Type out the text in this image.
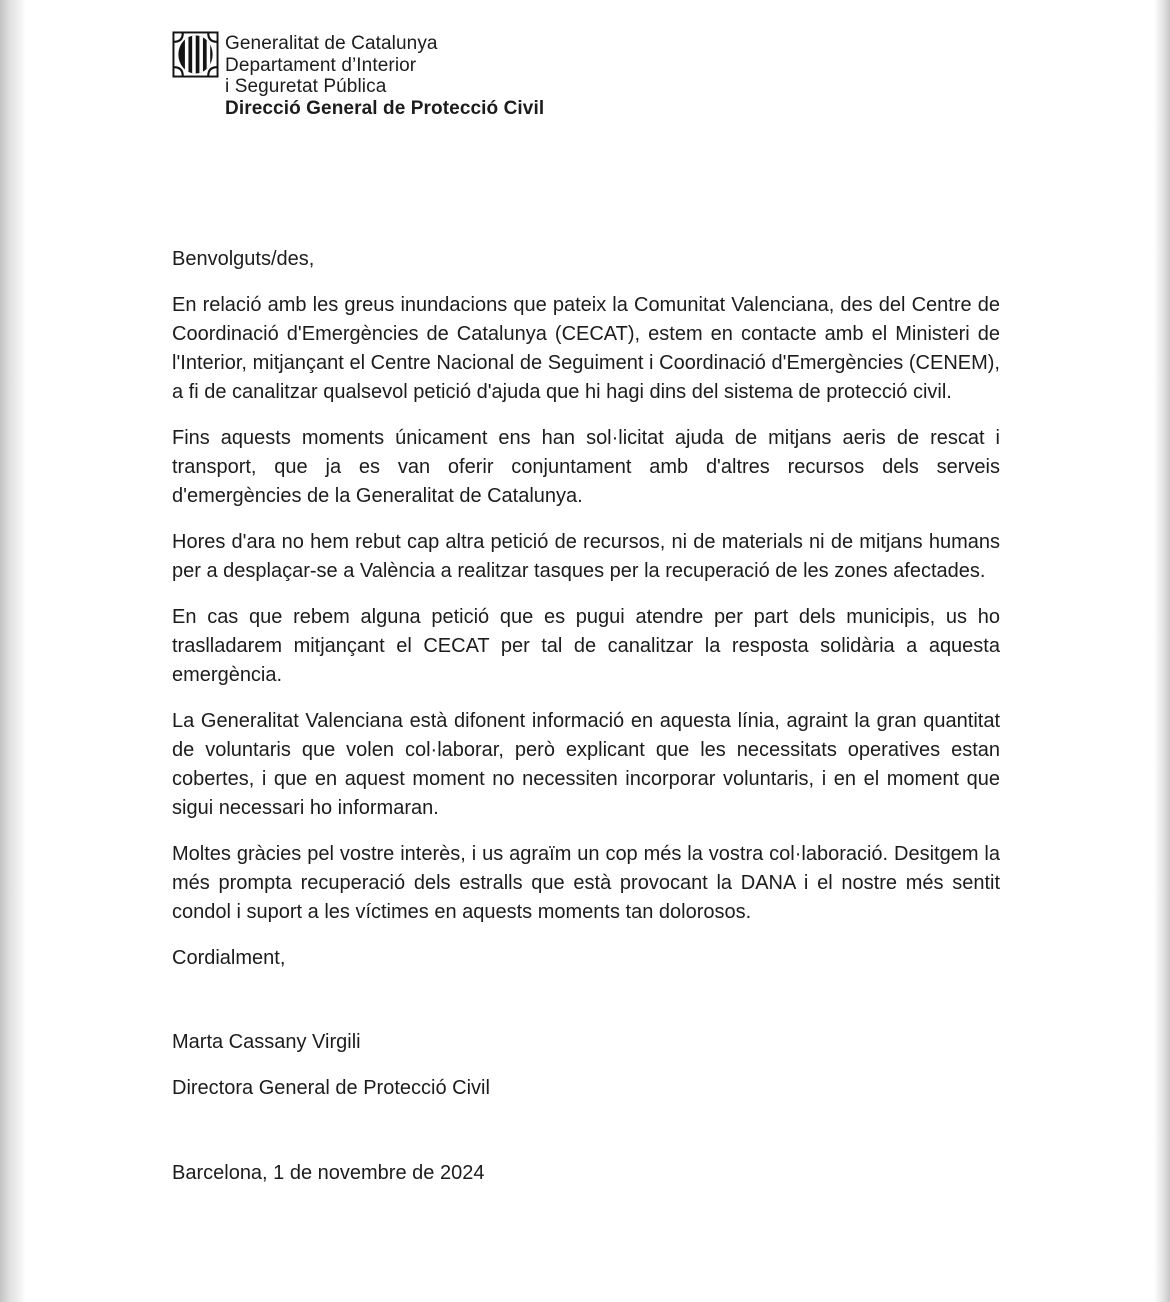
Generalitat de Catalunya
Departament d’Interior
i Seguretat Pública
Direcció General de Protecció Civil

Benvolguts/des,

En relació amb les greus inundacions que pateix la Comunitat Valenciana, des del Centre de Coordinació d'Emergències de Catalunya (CECAT), estem en contacte amb el Ministeri de l'Interior, mitjançant el Centre Nacional de Seguiment i Coordinació d'Emergències (CENEM), a fi de canalitzar qualsevol petició d'ajuda que hi hagi dins del sistema de protecció civil.

Fins aquests moments únicament ens han sol·licitat ajuda de mitjans aeris de rescat i transport, que ja es van oferir conjuntament amb d'altres recursos dels serveis d'emergències de la Generalitat de Catalunya.

Hores d'ara no hem rebut cap altra petició de recursos, ni de materials ni de mitjans humans per a desplaçar-se a València a realitzar tasques per la recuperació de les zones afectades.

En cas que rebem alguna petició que es pugui atendre per part dels municipis, us ho traslladarem mitjançant el CECAT per tal de canalitzar la resposta solidària a aquesta emergència.

La Generalitat Valenciana està difonent informació en aquesta línia, agraint la gran quantitat de voluntaris que volen col·laborar, però explicant que les necessitats operatives estan cobertes, i que en aquest moment no necessiten incorporar voluntaris, i en el moment que sigui necessari ho informaran.

Moltes gràcies pel vostre interès, i us agraïm un cop més la vostra col·laboració. Desitgem la més prompta recuperació dels estralls que està provocant la DANA i el nostre més sentit condol i suport a les víctimes en aquests moments tan dolorosos.

Cordialment,

Marta Cassany Virgili

Directora General de Protecció Civil

Barcelona, 1 de novembre de 2024
